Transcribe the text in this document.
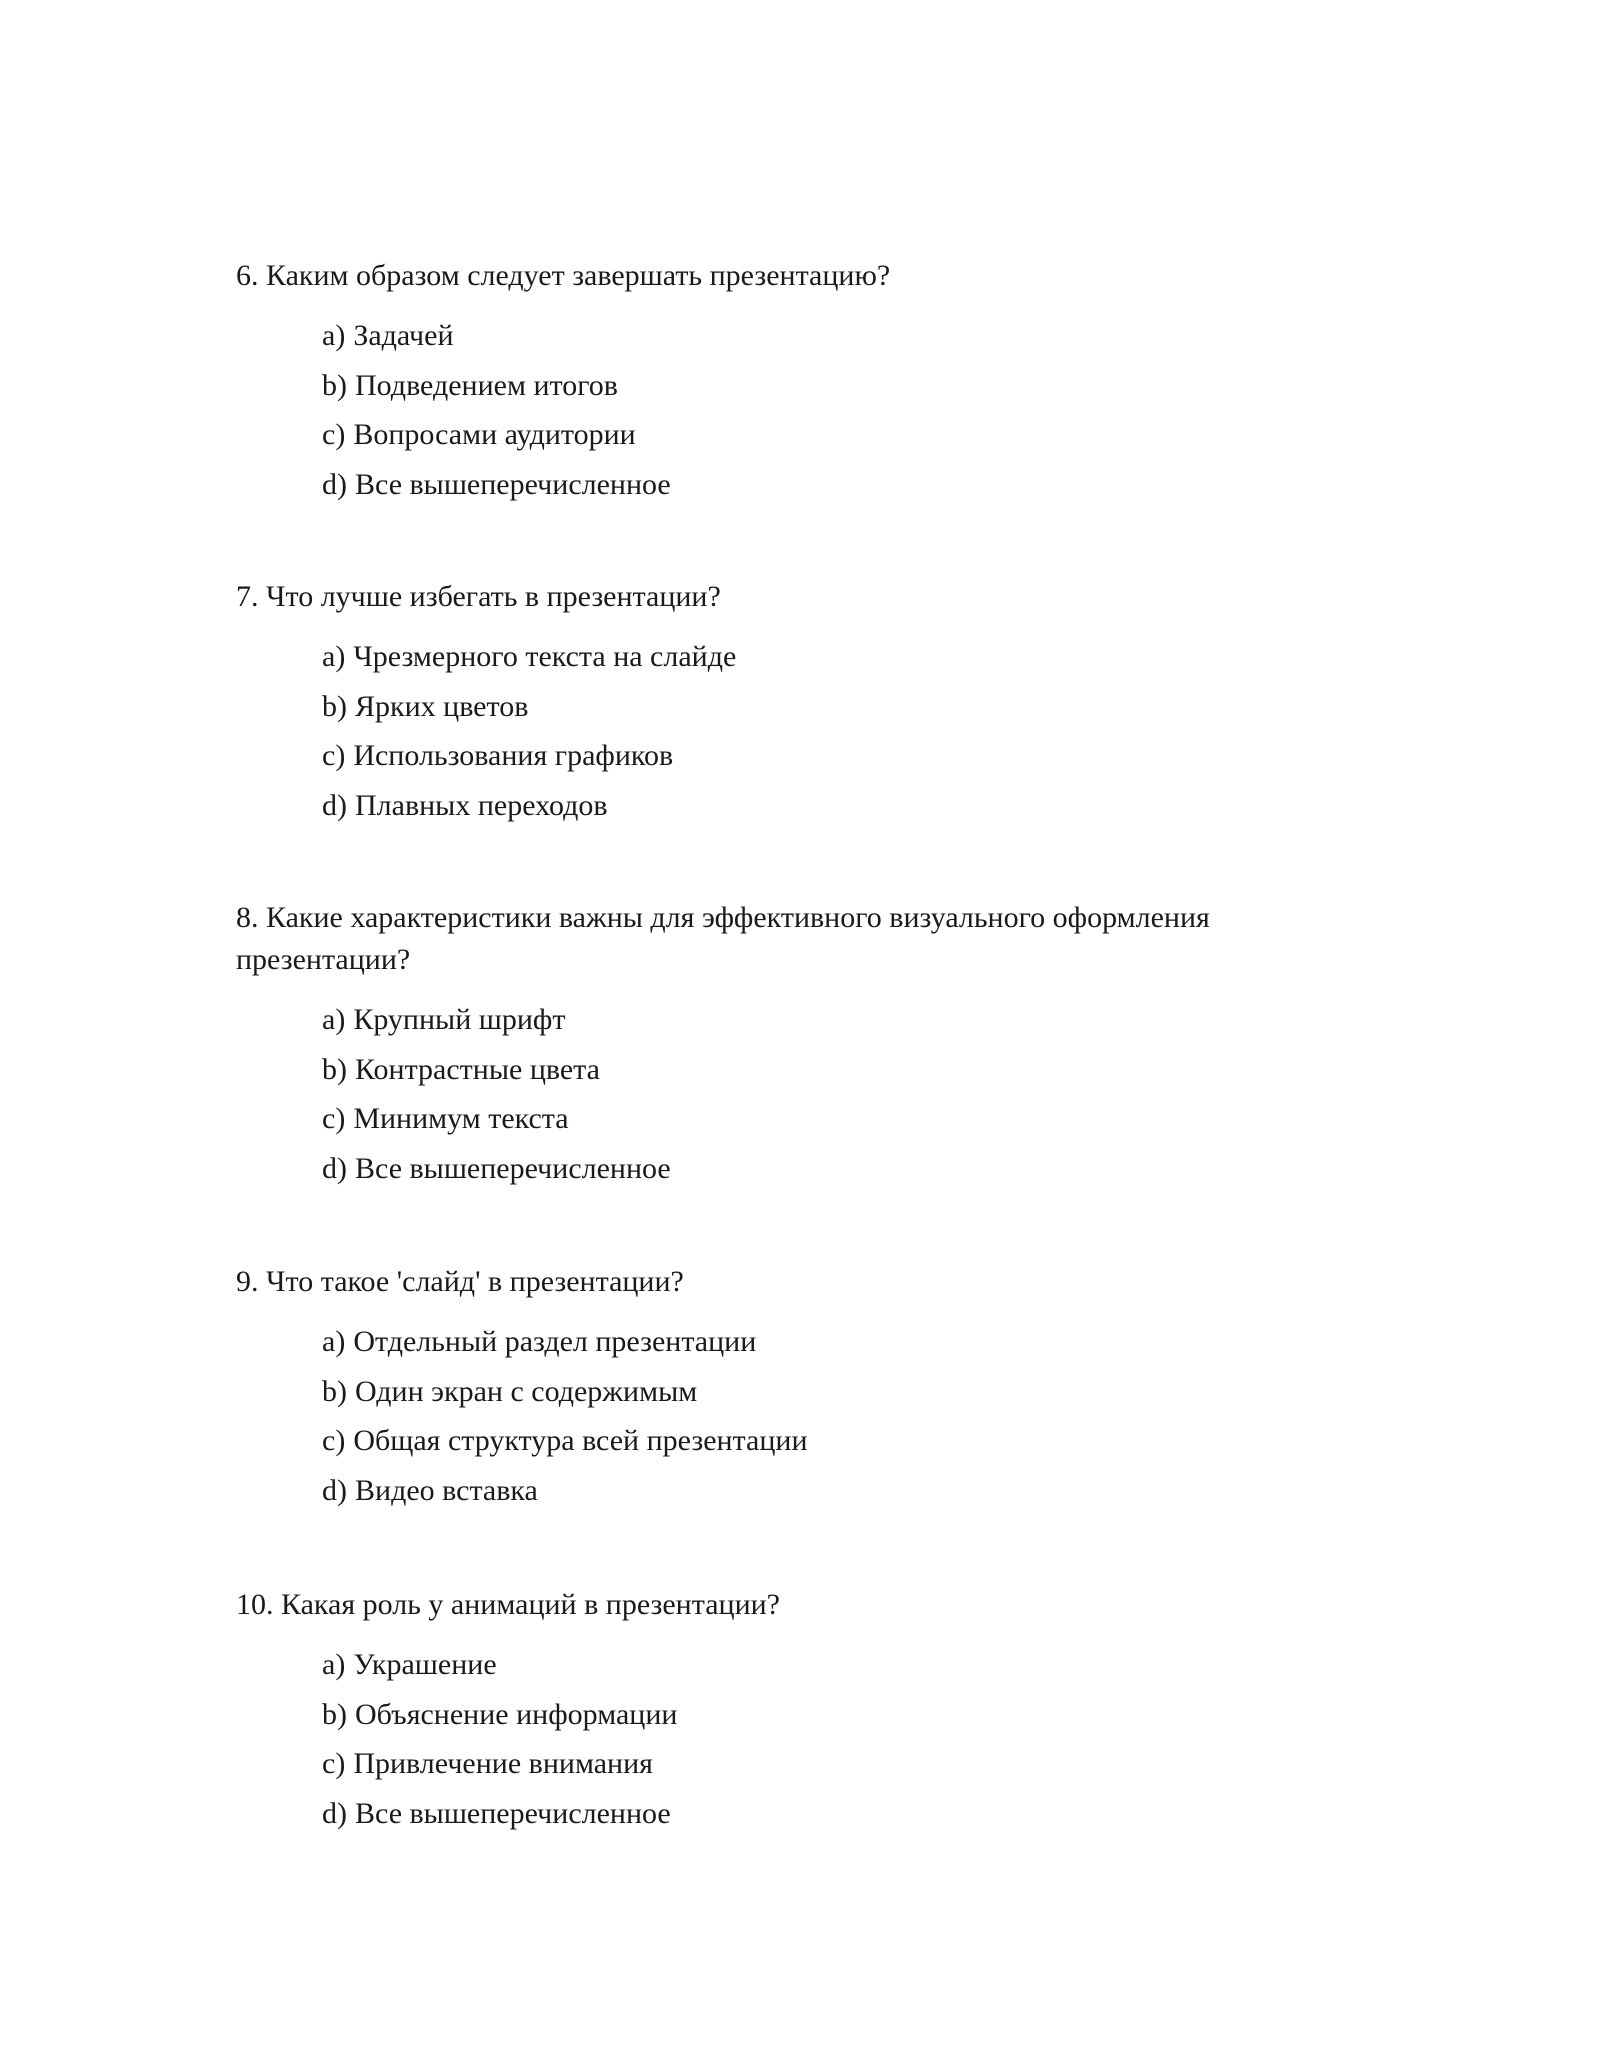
6. Каким образом следует завершать презентацию?

a) Задачей
b) Подведением итогов
c) Вопросами аудитории
d) Все вышеперечисленное

7. Что лучше избегать в презентации?

a) Чрезмерного текста на слайде
b) Ярких цветов
c) Использования графиков
d) Плавных переходов

8. Какие характеристики важны для эффективного визуального оформления презентации?

a) Крупный шрифт
b) Контрастные цвета
c) Минимум текста
d) Все вышеперечисленное

9. Что такое 'слайд' в презентации?

a) Отдельный раздел презентации
b) Один экран с содержимым
c) Общая структура всей презентации
d) Видео вставка

10. Какая роль у анимаций в презентации?

a) Украшение
b) Объяснение информации
c) Привлечение внимания
d) Все вышеперечисленное
